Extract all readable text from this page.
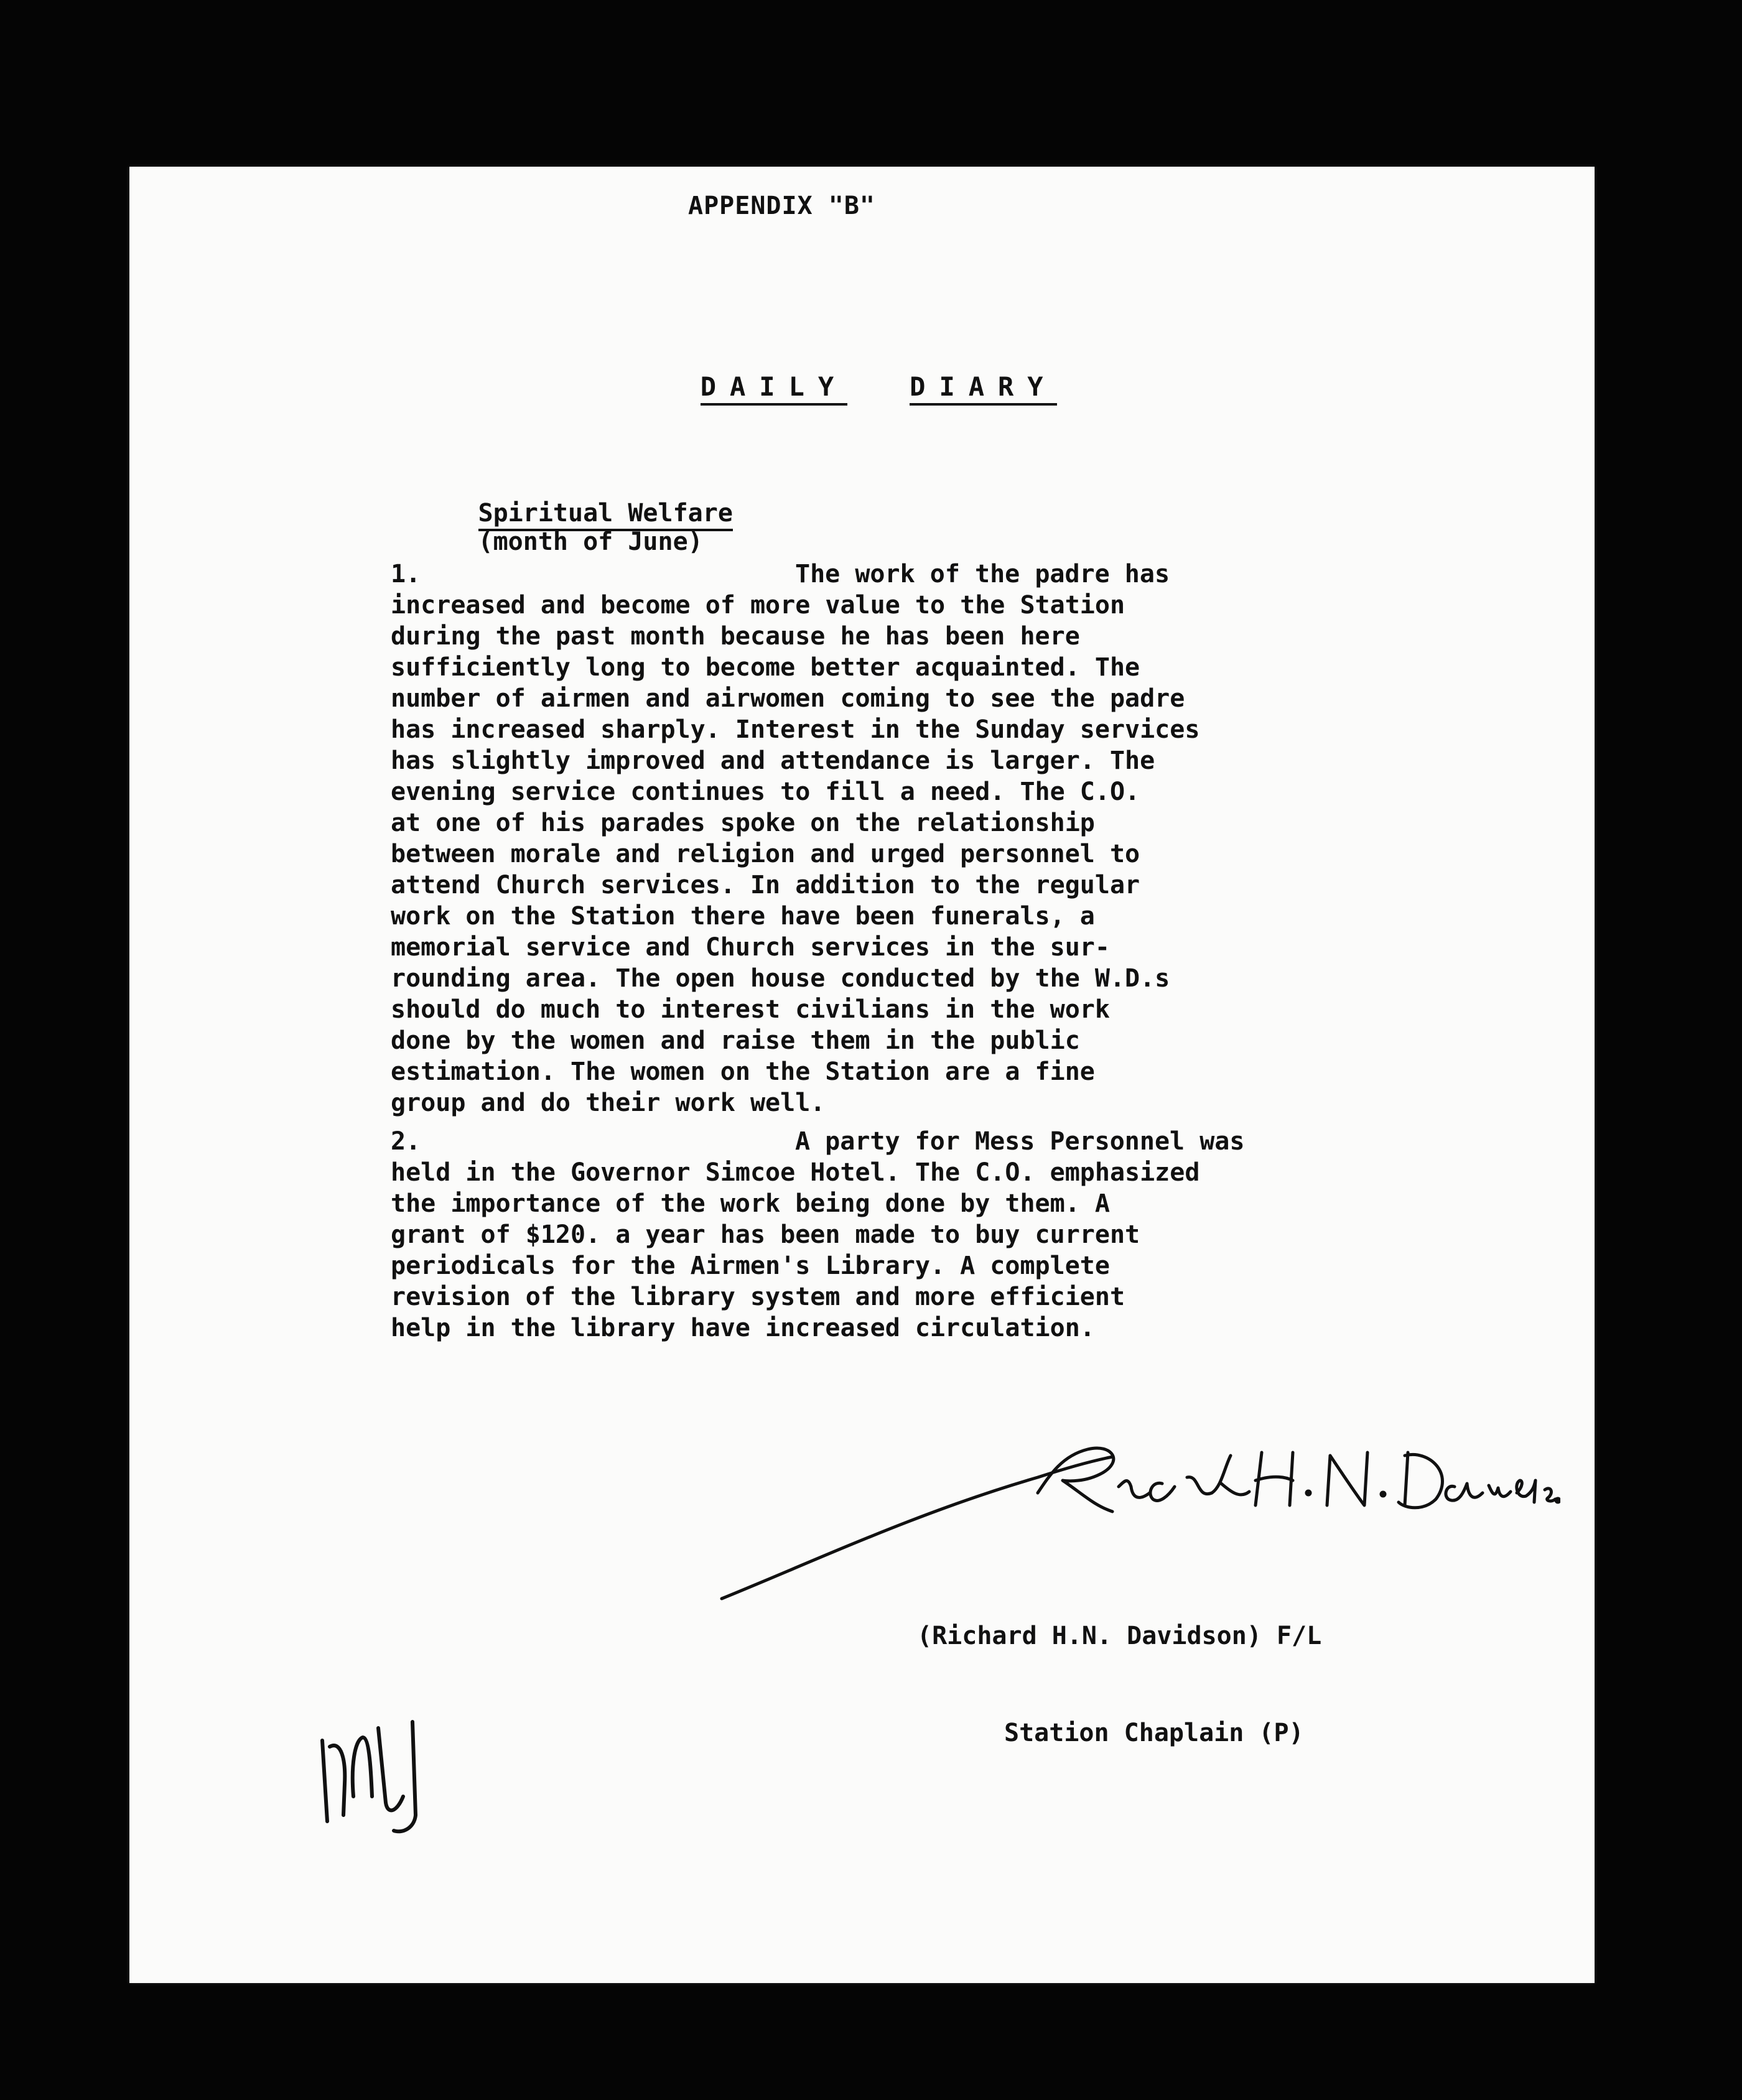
APPENDIX "B"

DAILY DIARY

Spiritual Welfare
(month of June)

1.	The work of the padre has
increased and become of more value to the Station
during the past month because he has been here
sufficiently long to become better acquainted. The
number of airmen and airwomen coming to see the padre
has increased sharply. Interest in the Sunday services
has slightly improved and attendance is larger. The
evening service continues to fill a need. The C.O.
at one of his parades spoke on the relationship
between morale and religion and urged personnel to
attend Church services. In addition to the regular
work on the Station there have been funerals, a
memorial service and Church services in the sur-
rounding area. The open house conducted by the W.D.s
should do much to interest civilians in the work
done by the women and raise them in the public
estimation. The women on the Station are a fine
group and do their work well.
2.	A party for Mess Personnel was
held in the Governor Simcoe Hotel. The C.O. emphasized
the importance of the work being done by them. A
grant of $120. a year has been made to buy current
periodicals for the Airmen's Library. A complete
revision of the library system and more efficient
help in the library have increased circulation.

(Richard H.N. Davidson) F/L

Station Chaplain (P)
